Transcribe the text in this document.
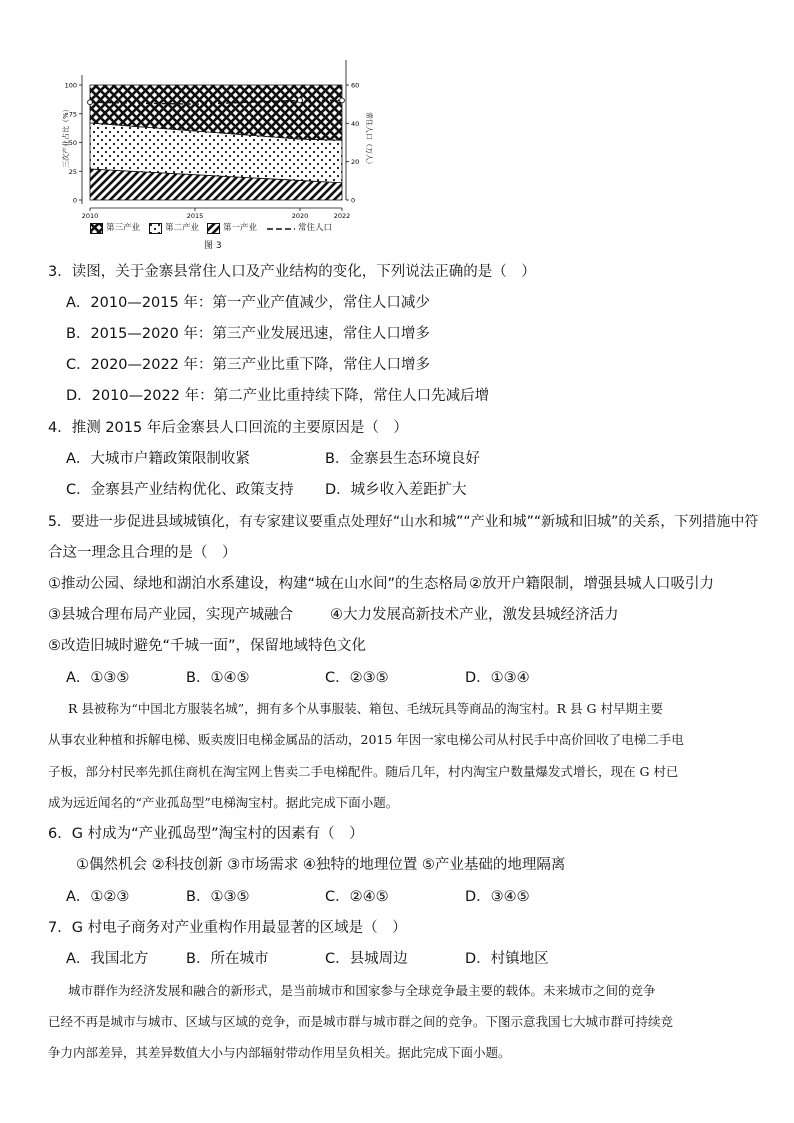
100
75
50
25
0
60
40
20
0
2010	2015	2020	2022
三次产业占比（%）	常住人口（万人）
第三产业	第二产业	第一产业	常住人口
图 3
3．读图，关于金寨县常住人口及产业结构的变化，下列说法正确的是（　）
A．2010—2015 年：第一产业产值减少，常住人口减少
B．2015—2020 年：第三产业发展迅速，常住人口增多
C．2020—2022 年：第三产业比重下降，常住人口增多
D．2010—2022 年：第二产业比重持续下降，常住人口先减后增
4．推测 2015 年后金寨县人口回流的主要原因是（　）
A．大城市户籍政策限制收紧	B．金寨县生态环境良好
C．金寨县产业结构优化、政策支持 D．城乡收入差距扩大
5．要进一步促进县域城镇化，有专家建议要重点处理好“山水和城”“产业和城”“新城和旧城”的关系，下列措施中符
合这一理念且合理的是（　）
①推动公园、绿地和湖泊水系建设，构建“城在山水间”的生态格局 ②放开户籍限制，增强县城人口吸引力
③县城合理布局产业园，实现产城融合	④大力发展高新技术产业，激发县城经济活力
⑤改造旧城时避免“千城一面”，保留地域特色文化
A．①③⑤	B．①④⑤	C．②③⑤	D．①③④
R 县被称为“中国北方服装名城”，拥有多个从事服装、箱包、毛绒玩具等商品的淘宝村。R 县 G 村早期主要
从事农业种植和拆解电梯、贩卖废旧电梯金属品的活动，2015 年因一家电梯公司从村民手中高价回收了电梯二手电
子板，部分村民率先抓住商机在淘宝网上售卖二手电梯配件。随后几年，村内淘宝户数量爆发式增长，现在 G 村已
成为远近闻名的“产业孤岛型”电梯淘宝村。据此完成下面小题。
6．G 村成为“产业孤岛型”淘宝村的因素有（　）
①偶然机会 ②科技创新 ③市场需求 ④独特的地理位置 ⑤产业基础的地理隔离
A．①②③	B．①③⑤	C．②④⑤	D．③④⑤
7．G 村电子商务对产业重构作用最显著的区域是（　）
A．我国北方	B．所在城市	C．县城周边	D．村镇地区
城市群作为经济发展和融合的新形式，是当前城市和国家参与全球竞争最主要的载体。未来城市之间的竞争
已经不再是城市与城市、区域与区域的竞争，而是城市群与城市群之间的竞争。下图示意我国七大城市群可持续竞
争力内部差异，其差异数值大小与内部辐射带动作用呈负相关。据此完成下面小题。
